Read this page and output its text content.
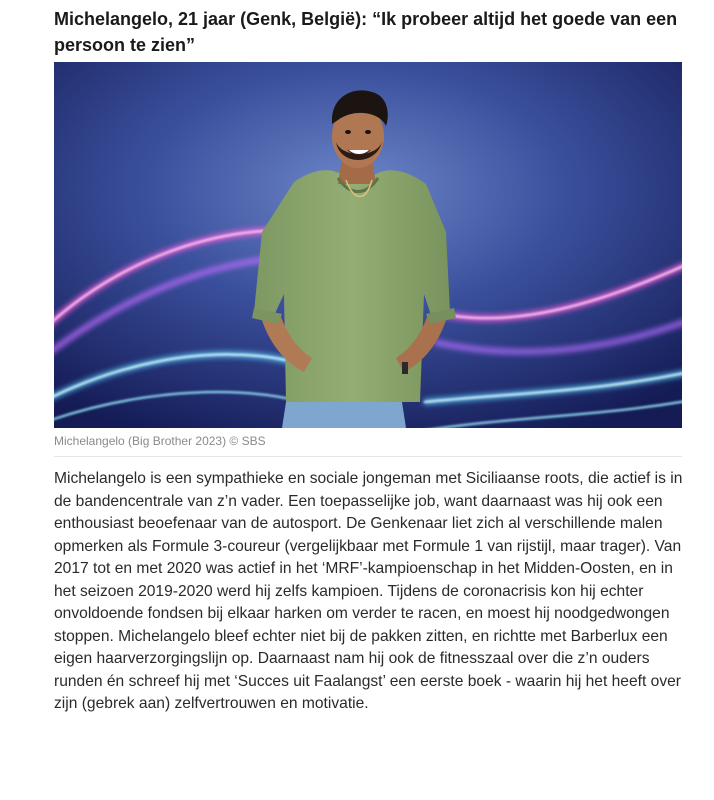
Michelangelo, 21 jaar (Genk, België): “Ik probeer altijd het goede van een persoon te zien”
Michelangelo (Big Brother 2023) © SBS

Michelangelo is een sympathieke en sociale jongeman met Siciliaanse roots, die actief is in de bandencentrale van z’n vader. Een toepasselijke job, want daarnaast was hij ook een enthousiast beoefenaar van de autosport. De Genkenaar liet zich al verschillende malen opmerken als Formule 3-coureur (vergelijkbaar met Formule 1 van rijstijl, maar trager). Van 2017 tot en met 2020 was actief in het ‘MRF’-kampioenschap in het Midden-Oosten, en in het seizoen 2019-2020 werd hij zelfs kampioen. Tijdens de coronacrisis kon hij echter onvoldoende fondsen bij elkaar harken om verder te racen, en moest hij noodgedwongen stoppen. Michelangelo bleef echter niet bij de pakken zitten, en richtte met Barberlux een eigen haarverzorgingslijn op. Daarnaast nam hij ook de fitnesszaal over die z’n ouders runden én schreef hij met ‘Succes uit Faalangst’ een eerste boek - waarin hij het heeft over zijn (gebrek aan) zelfvertrouwen en motivatie.
